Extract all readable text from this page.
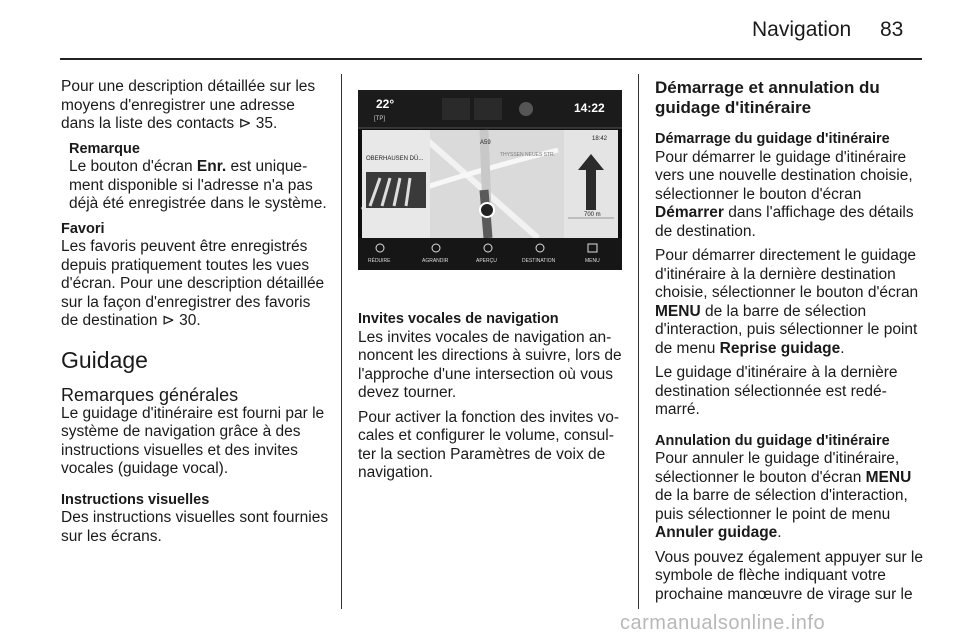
Navigation 83

Pour une description détaillée sur les moyens d'enregistrer une adresse dans la liste des contacts ⊳ 35.

Remarque

Le bouton d'écran Enr. est uniquement disponible si l'adresse n'a pas déjà été enregistrée dans le système.

Favori

Les favoris peuvent être enregistrés depuis pratiquement toutes les vues d'écran. Pour une description détaillée sur la façon d'enregistrer des favoris de destination ⊳ 30.

Guidage
Remarques générales

Le guidage d'itinéraire est fourni par le système de navigation grâce à des instructions visuelles et des invites vocales (guidage vocal).

Instructions visuelles

Des instructions visuelles sont fournies sur les écrans.

22°
[TP]
14:22
OBERHAUSEN DÜ...
A59
THYSSEN NEUES STR.
18:42
700 m
RÉDUIRE	AGRANDIR	APERÇU	DESTINATION	MENU

Invites vocales de navigation

Les invites vocales de navigation annoncent les directions à suivre, lors de l'approche d'une intersection où vous devez tourner.

Pour activer la fonction des invites vocales et configurer le volume, consulter la section Paramètres de voix de navigation.

Démarrage et annulation du guidage d'itinéraire

Démarrage du guidage d'itinéraire

Pour démarrer le guidage d'itinéraire vers une nouvelle destination choisie, sélectionner le bouton d'écran Démarrer dans l'affichage des détails de destination.

Pour démarrer directement le guidage d'itinéraire à la dernière destination choisie, sélectionner le bouton d'écran MENU de la barre de sélection d'interaction, puis sélectionner le point de menu Reprise guidage.

Le guidage d'itinéraire à la dernière destination sélectionnée est redémarré.

Annulation du guidage d'itinéraire

Pour annuler le guidage d'itinéraire, sélectionner le bouton d'écran MENU de la barre de sélection d'interaction, puis sélectionner le point de menu Annuler guidage.

Vous pouvez également appuyer sur le symbole de flèche indiquant votre prochaine manœuvre de virage sur le

carmanualsonline.info
